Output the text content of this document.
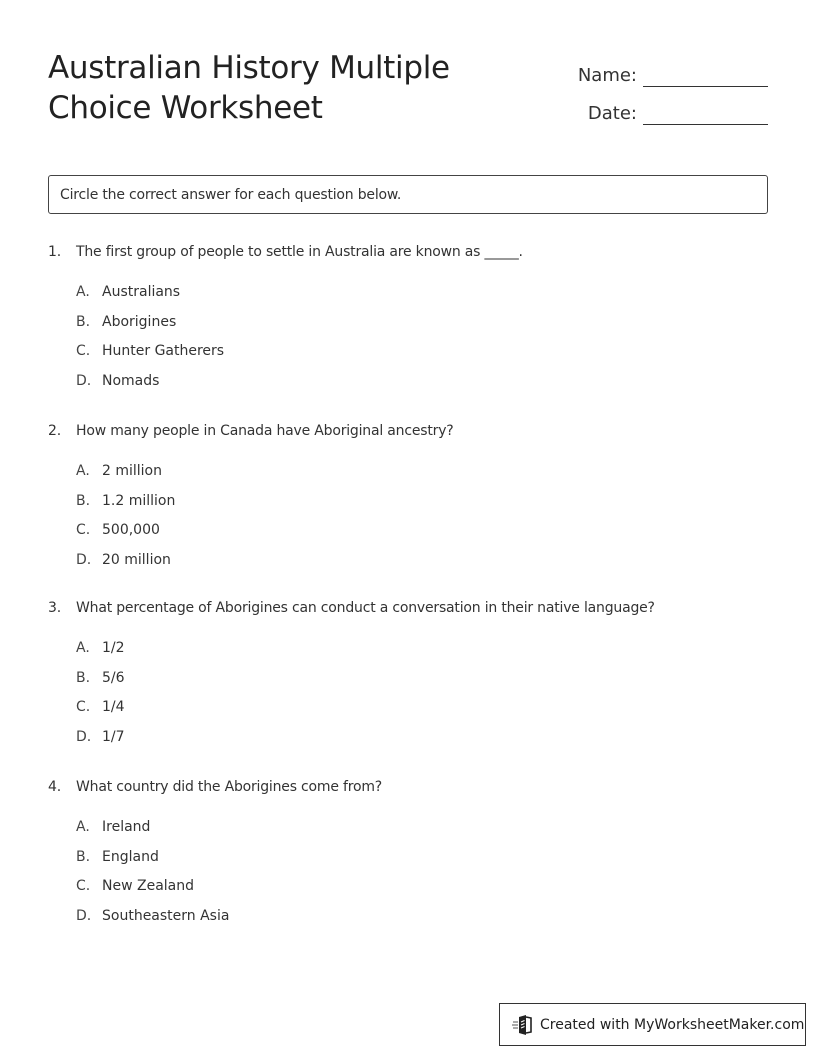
Australian History Multiple Choice Worksheet
Name:
Date:
Circle the correct answer for each question below.
1.	The first group of people to settle in Australia are known as _____.
A. Australians
B. Aborigines
C. Hunter Gatherers
D. Nomads
2.	How many people in Canada have Aboriginal ancestry?
A. 2 million
B. 1.2 million
C. 500,000
D. 20 million
3.	What percentage of Aborigines can conduct a conversation in their native language?
A. 1/2
B. 5/6
C. 1/4
D. 1/7
4.	What country did the Aborigines come from?
A. Ireland
B. England
C. New Zealand
D. Southeastern Asia
Created with MyWorksheetMaker.com
